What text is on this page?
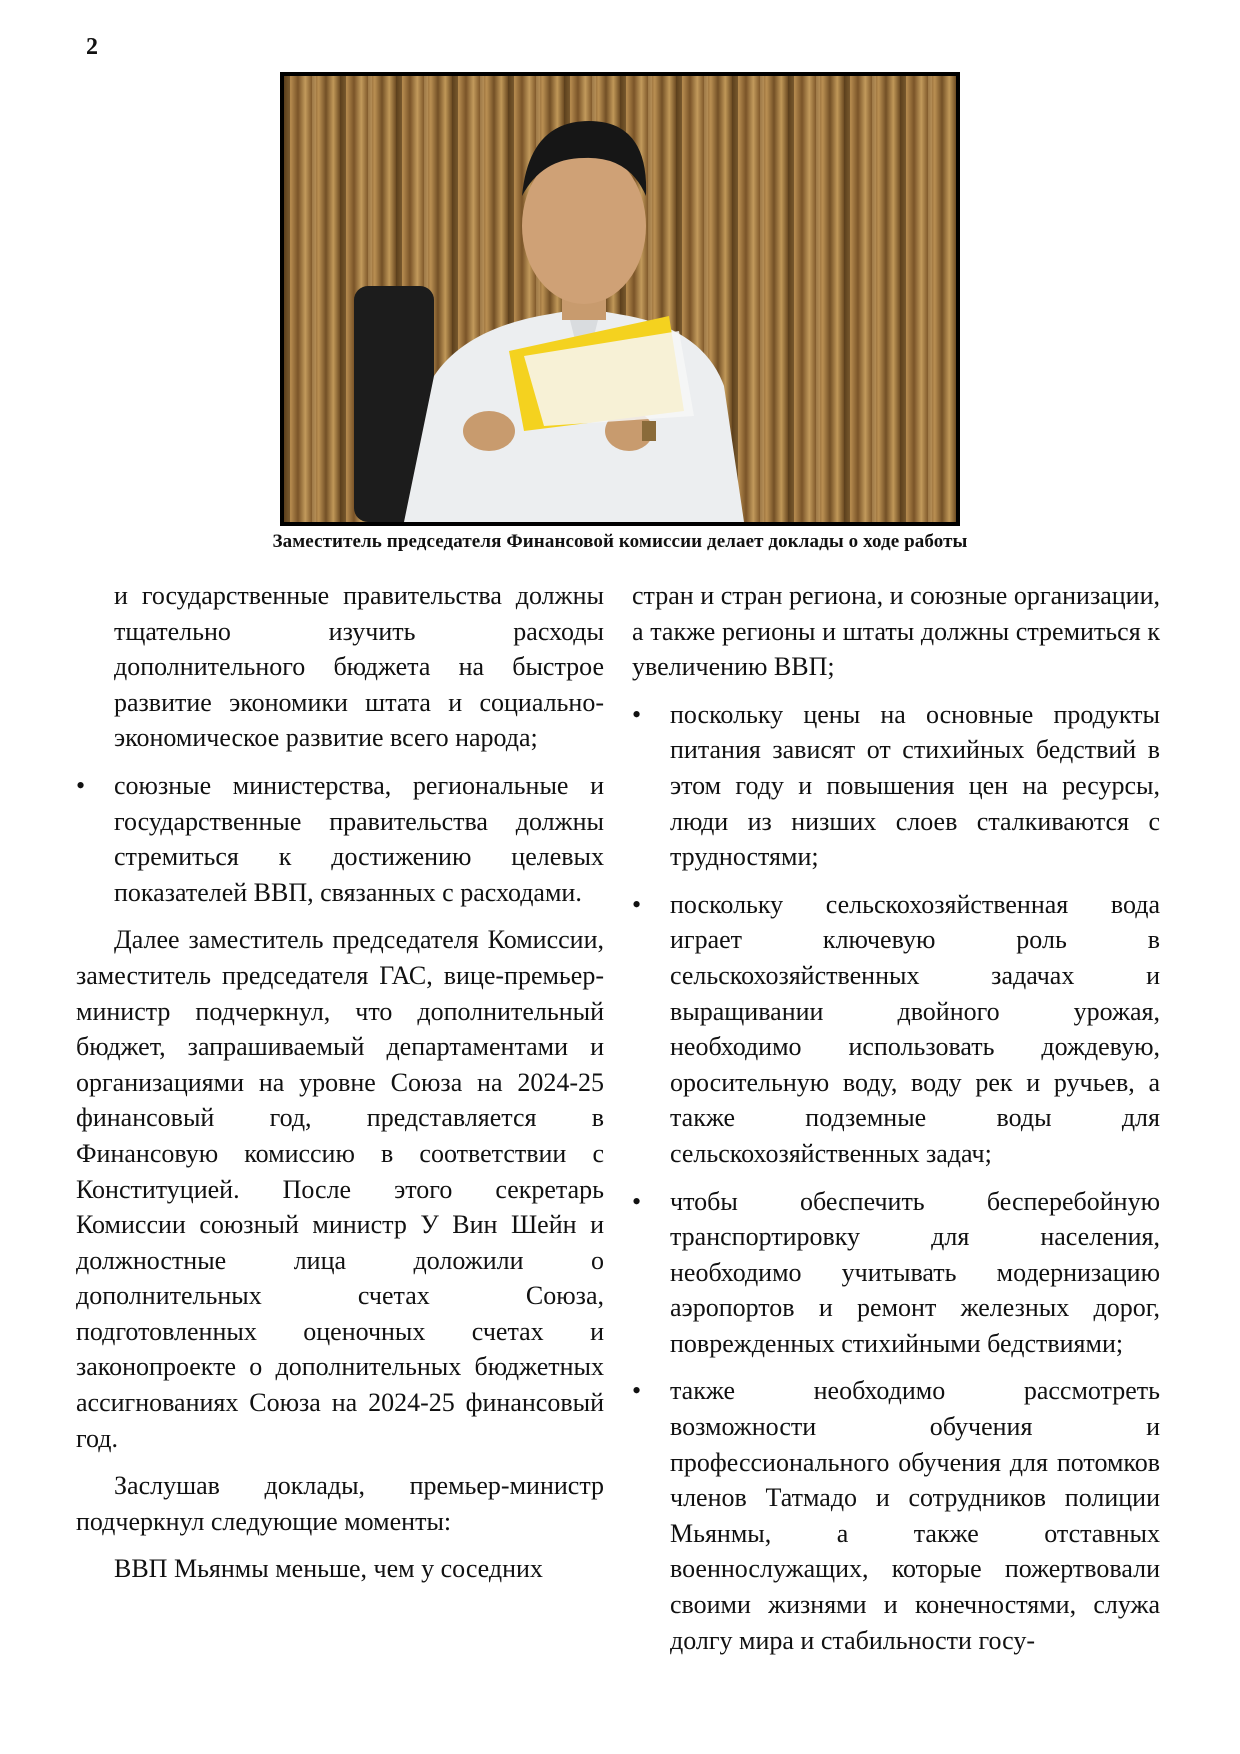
2
Заместитель председателя Финансовой комиссии делает доклады о ходе работы

и государственные правительства должны тщательно изучить расходы дополнительного бюджета на быстрое развитие экономики штата и социально-экономическое развитие всего народа;

• союзные министерства, региональные и государственные правительства должны стремиться к достижению целевых показателей ВВП, связанных с расходами.

Далее заместитель председателя Комиссии, заместитель председателя ГАС, вице-премьер-министр подчеркнул, что дополнительный бюджет, запрашиваемый департаментами и организациями на уровне Союза на 2024-25 финансовый год, представляется в Финансовую комиссию в соответствии с Конституцией. После этого секретарь Комиссии союзный министр У Вин Шейн и должностные лица доложили о дополнительных счетах Союза, подготовленных оценочных счетах и законопроекте о дополнительных бюджетных ассигнованиях Союза на 2024-25 финансовый год.

Заслушав доклады, премьер-министр подчеркнул следующие моменты:

ВВП Мьянмы меньше, чем у соседних

стран и стран региона, и союзные организации, а также регионы и штаты должны стремиться к увеличению ВВП;

• поскольку цены на основные продукты питания зависят от стихийных бедствий в этом году и повышения цен на ресурсы, люди из низших слоев сталкиваются с трудностями;
• поскольку сельскохозяйственная вода играет ключевую роль в сельскохозяйственных задачах и выращивании двойного урожая, необходимо использовать дождевую, оросительную воду, воду рек и ручьев, а также подземные воды для сельскохозяйственных задач;
• чтобы обеспечить бесперебойную транспортировку для населения, необходимо учитывать модернизацию аэропортов и ремонт железных дорог, поврежденных стихийными бедствиями;
• также необходимо рассмотреть возможности обучения и профессионального обучения для потомков членов Татмадо и сотрудников полиции Мьянмы, а также отставных военнослужащих, которые пожертвовали своими жизнями и конечностями, служа долгу мира и стабильности госу-
